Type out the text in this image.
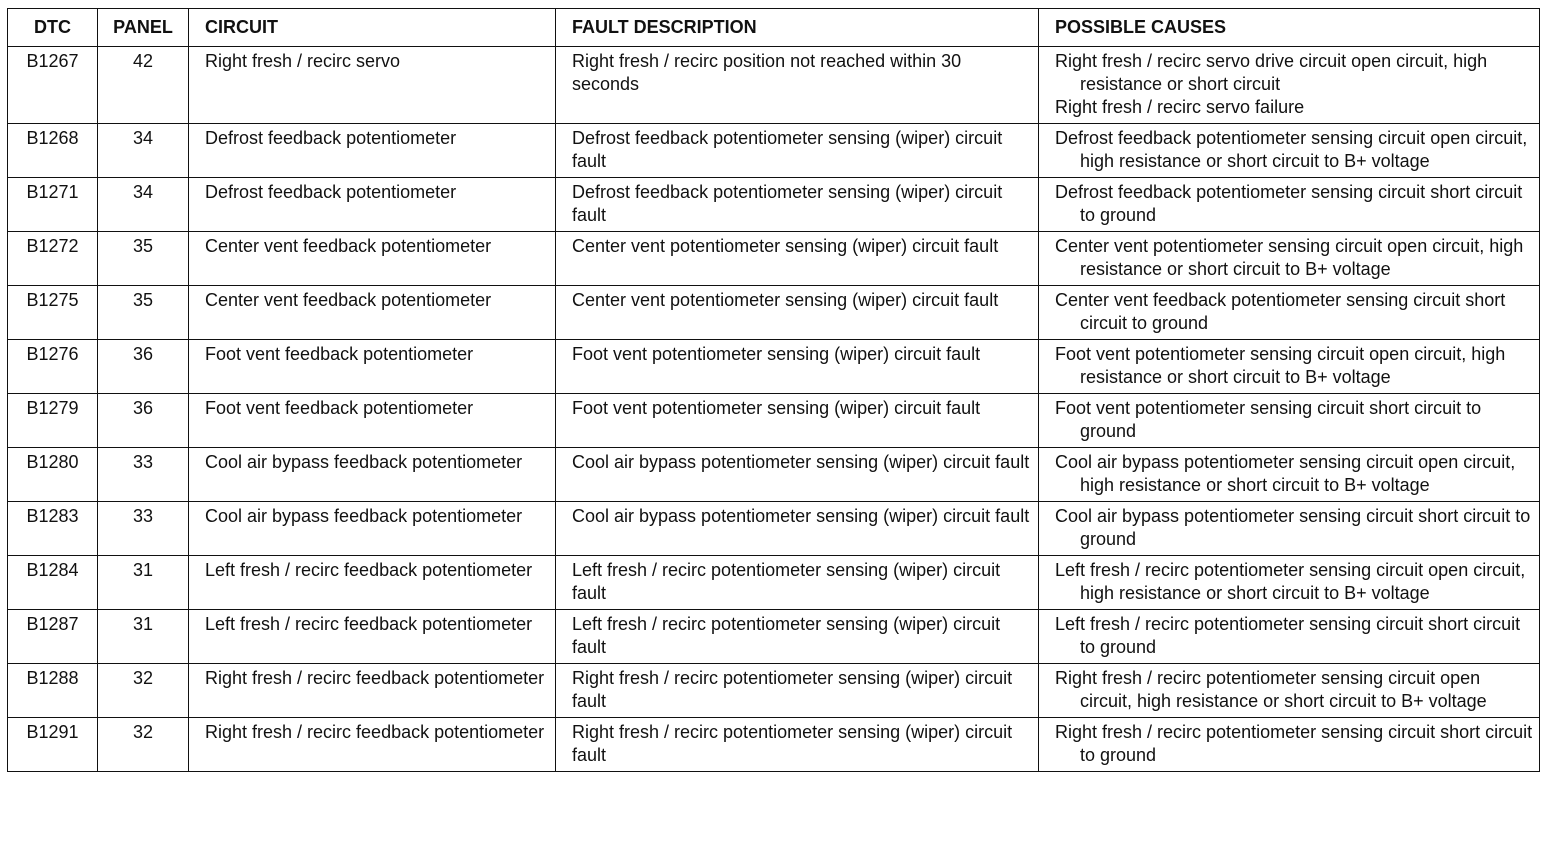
DTC	PANEL	CIRCUIT	FAULT DESCRIPTION	POSSIBLE CAUSES
B1267	42	Right fresh / recirc servo	Right fresh / recirc position not reached within 30 seconds	Right fresh / recirc servo drive circuit open circuit, high resistance or short circuit
Right fresh / recirc servo failure

B1268	34	Defrost feedback potentiometer	Defrost feedback potentiometer sensing (wiper) circuit fault	Defrost feedback potentiometer sensing circuit open circuit, high resistance or short circuit to B+ voltage

B1271	34	Defrost feedback potentiometer	Defrost feedback potentiometer sensing (wiper) circuit fault	Defrost feedback potentiometer sensing circuit short circuit to ground

B1272	35	Center vent feedback potentiometer	Center vent potentiometer sensing (wiper) circuit fault	Center vent potentiometer sensing circuit open circuit, high resistance or short circuit to B+ voltage

B1275	35	Center vent feedback potentiometer	Center vent potentiometer sensing (wiper) circuit fault	Center vent feedback potentiometer sensing circuit short circuit to ground

B1276	36	Foot vent feedback potentiometer	Foot vent potentiometer sensing (wiper) circuit fault	Foot vent potentiometer sensing circuit open circuit, high resistance or short circuit to B+ voltage

B1279	36	Foot vent feedback potentiometer	Foot vent potentiometer sensing (wiper) circuit fault	Foot vent potentiometer sensing circuit short circuit to ground

B1280	33	Cool air bypass feedback potentiometer	Cool air bypass potentiometer sensing (wiper) circuit fault	Cool air bypass potentiometer sensing circuit open circuit, high resistance or short circuit to B+ voltage

B1283	33	Cool air bypass feedback potentiometer	Cool air bypass potentiometer sensing (wiper) circuit fault	Cool air bypass potentiometer sensing circuit short circuit to ground

B1284	31	Left fresh / recirc feedback potentiometer	Left fresh / recirc potentiometer sensing (wiper) circuit fault	Left fresh / recirc potentiometer sensing circuit open circuit, high resistance or short circuit to B+ voltage

B1287	31	Left fresh / recirc feedback potentiometer	Left fresh / recirc potentiometer sensing (wiper) circuit fault	Left fresh / recirc potentiometer sensing circuit short circuit to ground

B1288	32	Right fresh / recirc feedback potentiometer	Right fresh / recirc potentiometer sensing (wiper) circuit fault	Right fresh / recirc potentiometer sensing circuit open circuit, high resistance or short circuit to B+ voltage

B1291	32	Right fresh / recirc feedback potentiometer	Right fresh / recirc potentiometer sensing (wiper) circuit fault	Right fresh / recirc potentiometer sensing circuit short circuit to ground
